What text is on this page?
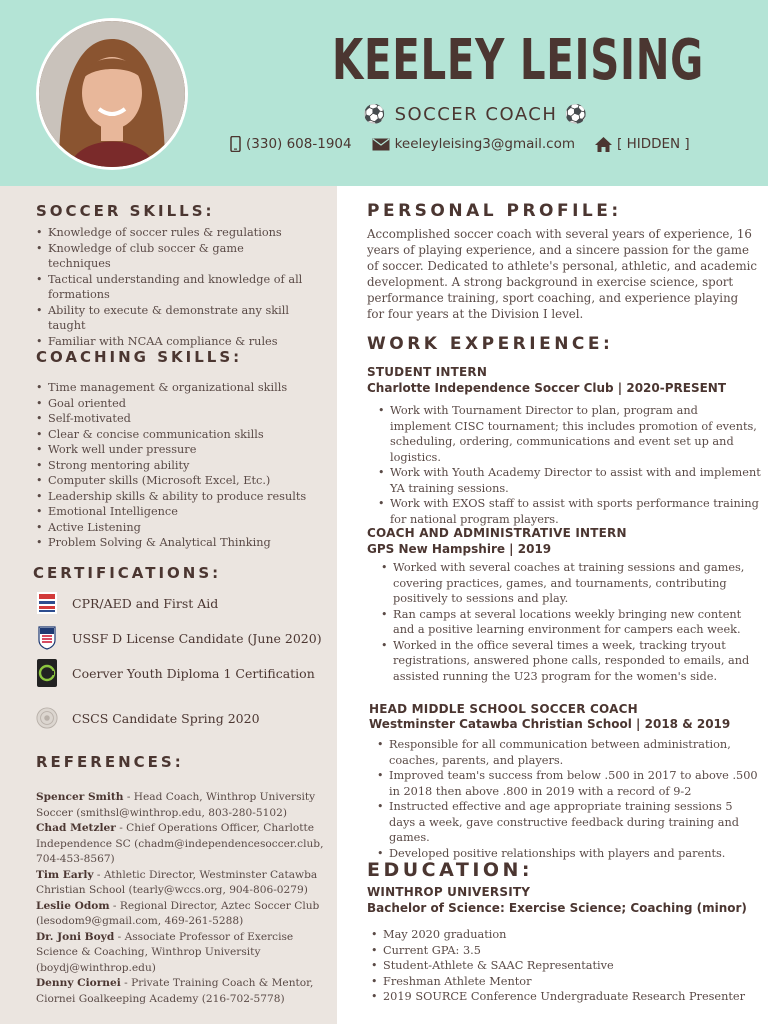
KEELEY LEISING
⚽ SOCCER COACH ⚽
(330) 608-1904	keeleyleising3@gmail.com	[ HIDDEN ]
SOCCER SKILLS:
• Knowledge of soccer rules & regulations
• Knowledge of club soccer & game techniques
• Tactical understanding and knowledge of all formations
• Ability to execute & demonstrate any skill taught
• Familiar with NCAA compliance & rules
COACHING SKILLS:
• Time management & organizational skills
• Goal oriented
• Self-motivated
• Clear & concise communication skills
• Work well under pressure
• Strong mentoring ability
• Computer skills (Microsoft Excel, Etc.)
• Leadership skills & ability to produce results
• Emotional Intelligence
• Active Listening
• Problem Solving & Analytical Thinking
CERTIFICATIONS:
CPR/AED and First Aid
USSF D License Candidate (June 2020)
Coerver Youth Diploma 1 Certification
CSCS Candidate Spring 2020
REFERENCES:

Spencer Smith - Head Coach, Winthrop University Soccer (smithsl@winthrop.edu, 803-280-5102)

Chad Metzler - Chief Operations Officer, Charlotte Independence SC (chadm@independencesoccer.club, 704-453-8567)

Tim Early - Athletic Director, Westminster Catawba Christian School (tearly@wccs.org, 904-806-0279)

Leslie Odom - Regional Director, Aztec Soccer Club (lesodom9@gmail.com, 469-261-5288)

Dr. Joni Boyd - Associate Professor of Exercise Science & Coaching, Winthrop University (boydj@winthrop.edu)

Denny Ciornei - Private Training Coach & Mentor, Ciornei Goalkeeping Academy (216-702-5778)

PERSONAL PROFILE:
Accomplished soccer coach with several years of experience, 16 years of playing experience, and a sincere passion for the game of soccer. Dedicated to athlete's personal, athletic, and academic development. A strong background in exercise science, sport performance training, sport coaching, and experience playing for four years at the Division I level.
WORK EXPERIENCE:
STUDENT INTERN
Charlotte Independence Soccer Club | 2020-PRESENT
• Work with Tournament Director to plan, program and implement CISC tournament; this includes promotion of events, scheduling, ordering, communications and event set up and logistics.
• Work with Youth Academy Director to assist with and implement YA training sessions.
• Work with EXOS staff to assist with sports performance training for national program players.
COACH AND ADMINISTRATIVE INTERN
GPS New Hampshire | 2019
• Worked with several coaches at training sessions and games, covering practices, games, and tournaments, contributing positively to sessions and play.
• Ran camps at several locations weekly bringing new content and a positive learning environment for campers each week.
• Worked in the office several times a week, tracking tryout registrations, answered phone calls, responded to emails, and assisted running the U23 program for the women's side.
HEAD MIDDLE SCHOOL SOCCER COACH
Westminster Catawba Christian School | 2018 & 2019
• Responsible for all communication between administration, coaches, parents, and players.
• Improved team's success from below .500 in 2017 to above .500 in 2018 then above .800 in 2019 with a record of 9-2
• Instructed effective and age appropriate training sessions 5 days a week, gave constructive feedback during training and games.
• Developed positive relationships with players and parents.
EDUCATION:
WINTHROP UNIVERSITY
Bachelor of Science: Exercise Science; Coaching (minor)
• May 2020 graduation
• Current GPA: 3.5
• Student-Athlete & SAAC Representative
• Freshman Athlete Mentor
• 2019 SOURCE Conference Undergraduate Research Presenter
